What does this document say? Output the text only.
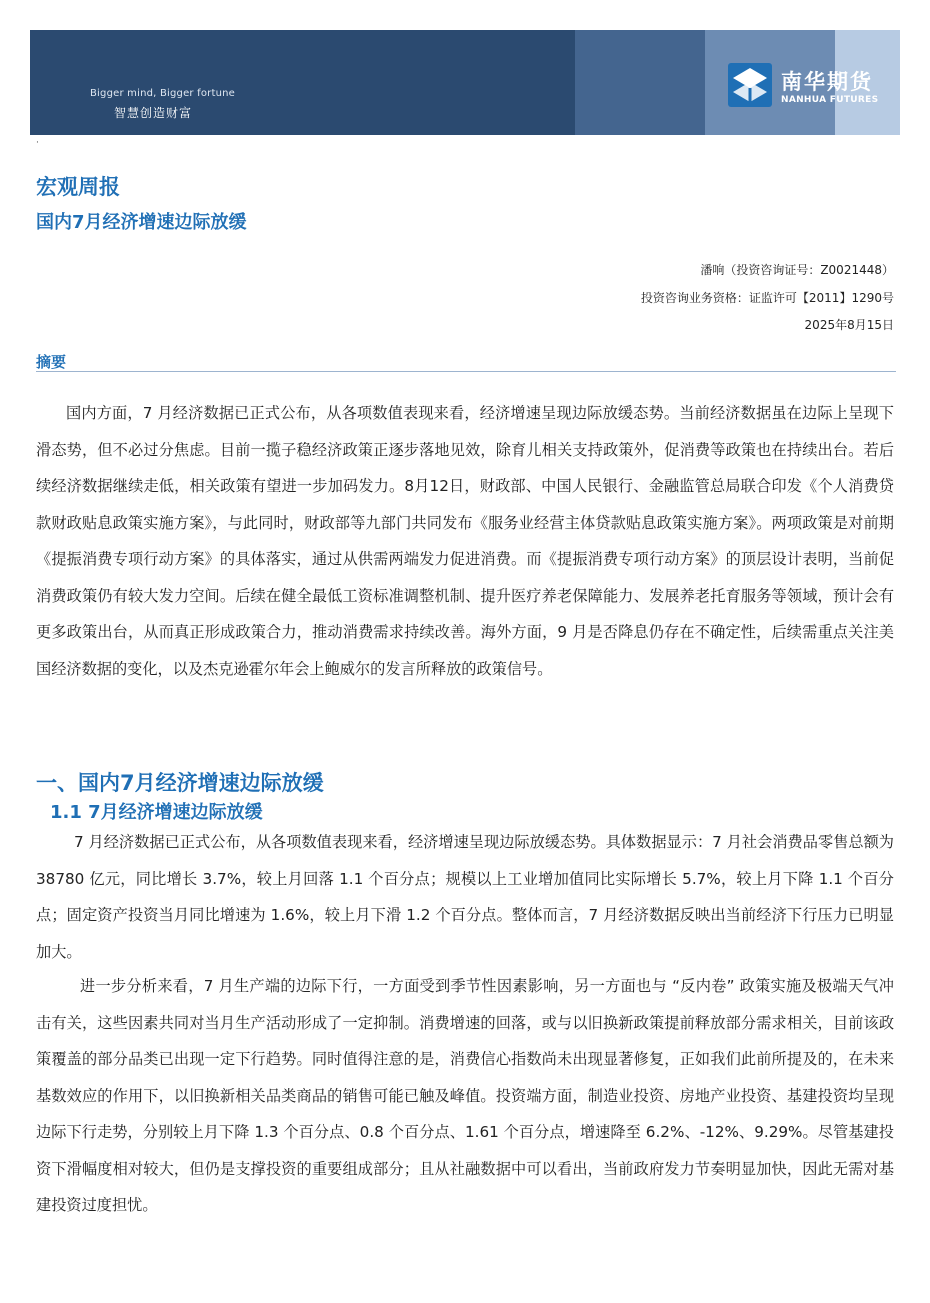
Bigger mind, Bigger fortune
智慧创造财富
南华期货
NANHUA FUTURES
·
宏观周报
国内7月经济增速边际放缓
潘响（投资咨询证号：Z0021448）
投资咨询业务资格：证监许可【2011】1290号
2025年8月15日
摘要

国内方面，7 月经济数据已正式公布，从各项数值表现来看，经济增速呈现边际放缓态势。当前经济数据虽在边际上呈现下滑态势，但不必过分焦虑。目前一揽子稳经济政策正逐步落地见效，除育儿相关支持政策外，促消费等政策也在持续出台。若后续经济数据继续走低，相关政策有望进一步加码发力。8月12日，财政部、中国人民银行、金融监管总局联合印发《个人消费贷款财政贴息政策实施方案》，与此同时，财政部等九部门共同发布《服务业经营主体贷款贴息政策实施方案》。两项政策是对前期《提振消费专项行动方案》的具体落实，通过从供需两端发力促进消费。而《提振消费专项行动方案》的顶层设计表明，当前促消费政策仍有较大发力空间。后续在健全最低工资标准调整机制、提升医疗养老保障能力、发展养老托育服务等领域，预计会有更多政策出台，从而真正形成政策合力，推动消费需求持续改善。海外方面，9 月是否降息仍存在不确定性，后续需重点关注美国经济数据的变化，以及杰克逊霍尔年会上鲍威尔的发言所释放的政策信号。

一、国内7月经济增速边际放缓
1.1 7月经济增速边际放缓

7 月经济数据已正式公布，从各项数值表现来看，经济增速呈现边际放缓态势。具体数据显示：7 月社会消费品零售总额为 38780 亿元，同比增长 3.7%，较上月回落 1.1 个百分点；规模以上工业增加值同比实际增长 5.7%，较上月下降 1.1 个百分点；固定资产投资当月同比增速为 1.6%，较上月下滑 1.2 个百分点。整体而言，7 月经济数据反映出当前经济下行压力已明显加大。

进一步分析来看，7 月生产端的边际下行，一方面受到季节性因素影响，另一方面也与 “反内卷” 政策实施及极端天气冲击有关，这些因素共同对当月生产活动形成了一定抑制。消费增速的回落，或与以旧换新政策提前释放部分需求相关，目前该政策覆盖的部分品类已出现一定下行趋势。同时值得注意的是，消费信心指数尚未出现显著修复，正如我们此前所提及的，在未来基数效应的作用下，以旧换新相关品类商品的销售可能已触及峰值。投资端方面，制造业投资、房地产业投资、基建投资均呈现边际下行走势，分别较上月下降 1.3 个百分点、0.8 个百分点、1.61 个百分点，增速降至 6.2%、-12%、9.29%。尽管基建投资下滑幅度相对较大，但仍是支撑投资的重要组成部分；且从社融数据中可以看出，当前政府发力节奏明显加快，因此无需对基建投资过度担忧。
